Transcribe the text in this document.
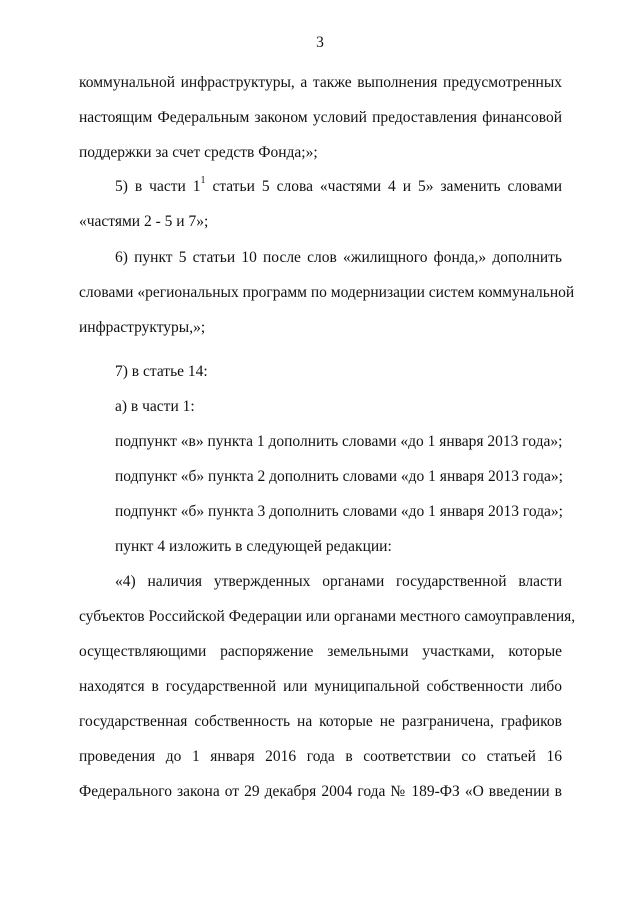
3
коммунальной инфраструктуры, а также выполнения предусмотренных
настоящим Федеральным законом условий предоставления финансовой
поддержки за счет средств Фонда;»;
5) в части $1^1$ статьи 5 слова «частями 4 и 5» заменить словами
«частями 2 - 5 и 7»;
6) пункт 5 статьи 10 после слов «жилищного фонда,» дополнить
словами «региональных программ по модернизации систем коммунальной
инфраструктуры,»;
7) в статье 14:
а) в части 1:
подпункт «в» пункта 1 дополнить словами «до 1 января 2013 года»;
подпункт «б» пункта 2 дополнить словами «до 1 января 2013 года»;
подпункт «б» пункта 3 дополнить словами «до 1 января 2013 года»;
пункт 4 изложить в следующей редакции:
«4) наличия утвержденных органами государственной власти
субъектов Российской Федерации или органами местного самоуправления,
осуществляющими распоряжение земельными участками, которые
находятся в государственной или муниципальной собственности либо
государственная собственность на которые не разграничена, графиков
проведения до 1 января 2016 года в соответствии со статьей 16
Федерального закона от 29 декабря 2004 года № 189-ФЗ «О введении в
